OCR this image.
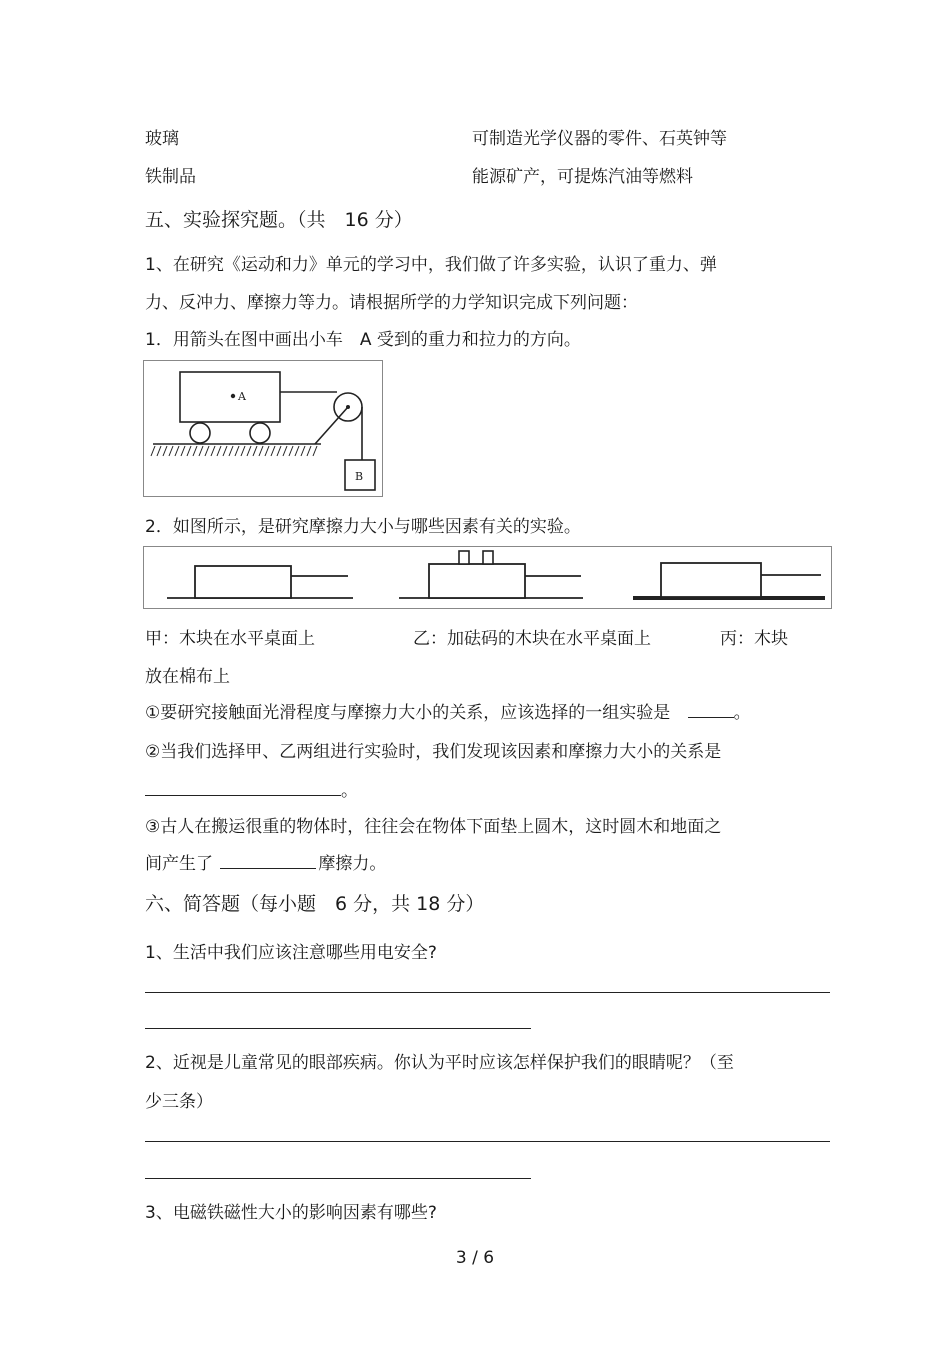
玻璃	可制造光学仪器的零件、石英钟等
铁制品	能源矿产，可提炼汽油等燃料
五、实验探究题。（共　16 分）
1、在研究《运动和力》单元的学习中，我们做了许多实验，认识了重力、弹
力、反冲力、摩擦力等力。请根据所学的力学知识完成下列问题：
1．用箭头在图中画出小车　A 受到的重力和拉力的方向。
A
B
2．如图所示，是研究摩擦力大小与哪些因素有关的实验。
甲：木块在水平桌面上	乙：加砝码的木块在水平桌面上	丙：木块
放在棉布上
①要研究接触面光滑程度与摩擦力大小的关系，应该选择的一组实验是	。
②当我们选择甲、乙两组进行实验时，我们发现该因素和摩擦力大小的关系是
。
③古人在搬运很重的物体时，往往会在物体下面垫上圆木，这时圆木和地面之
间产生了	摩擦力。
六、简答题（每小题　6 分，共 18 分）
1、生活中我们应该注意哪些用电安全?
2、近视是儿童常见的眼部疾病。你认为平时应该怎样保护我们的眼睛呢？（至
少三条）
3、电磁铁磁性大小的影响因素有哪些?
3 / 6
